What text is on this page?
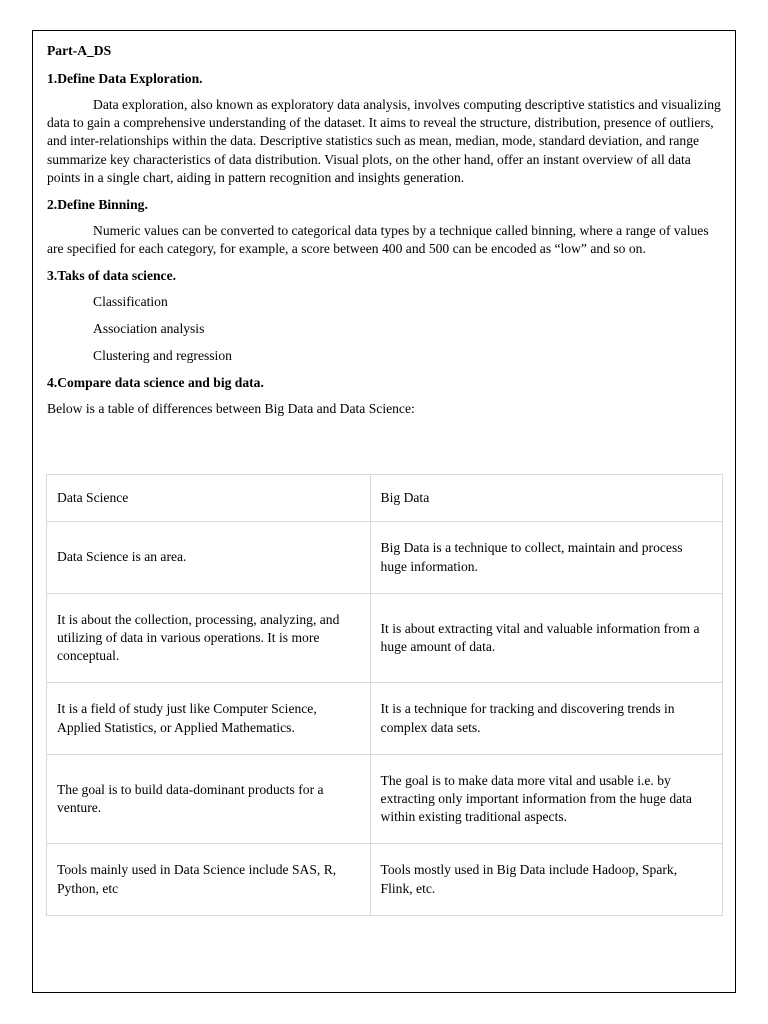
Part-A_DS

1.Define Data Exploration.

Data exploration, also known as exploratory data analysis, involves computing descriptive statistics and visualizing data to gain a comprehensive understanding of the dataset. It aims to reveal the structure, distribution, presence of outliers, and inter-relationships within the data. Descriptive statistics such as mean, median, mode, standard deviation, and range summarize key characteristics of data distribution. Visual plots, on the other hand, offer an instant overview of all data points in a single chart, aiding in pattern recognition and insights generation.

2.Define Binning.

Numeric values can be converted to categorical data types by a technique called binning, where a range of values are specified for each category, for example, a score between 400 and 500 can be encoded as “low” and so on.

3.Taks of data science.

Classification

Association analysis

Clustering and regression

4.Compare data science and big data.

Below is a table of differences between Big Data and Data Science:

Data Science	Big Data
Data Science is an area.	Big Data is a technique to collect, maintain and process huge information.
It is about the collection, processing, analyzing, and utilizing of data in various operations. It is more conceptual.	It is about extracting vital and valuable information from a huge amount of data.
It is a field of study just like Computer Science, Applied Statistics, or Applied Mathematics.	It is a technique for tracking and discovering trends in complex data sets.
The goal is to build data-dominant products for a venture.	The goal is to make data more vital and usable i.e. by extracting only important information from the huge data within existing traditional aspects.
Tools mainly used in Data Science include SAS, R, Python, etc	Tools mostly used in Big Data include Hadoop, Spark, Flink, etc.
